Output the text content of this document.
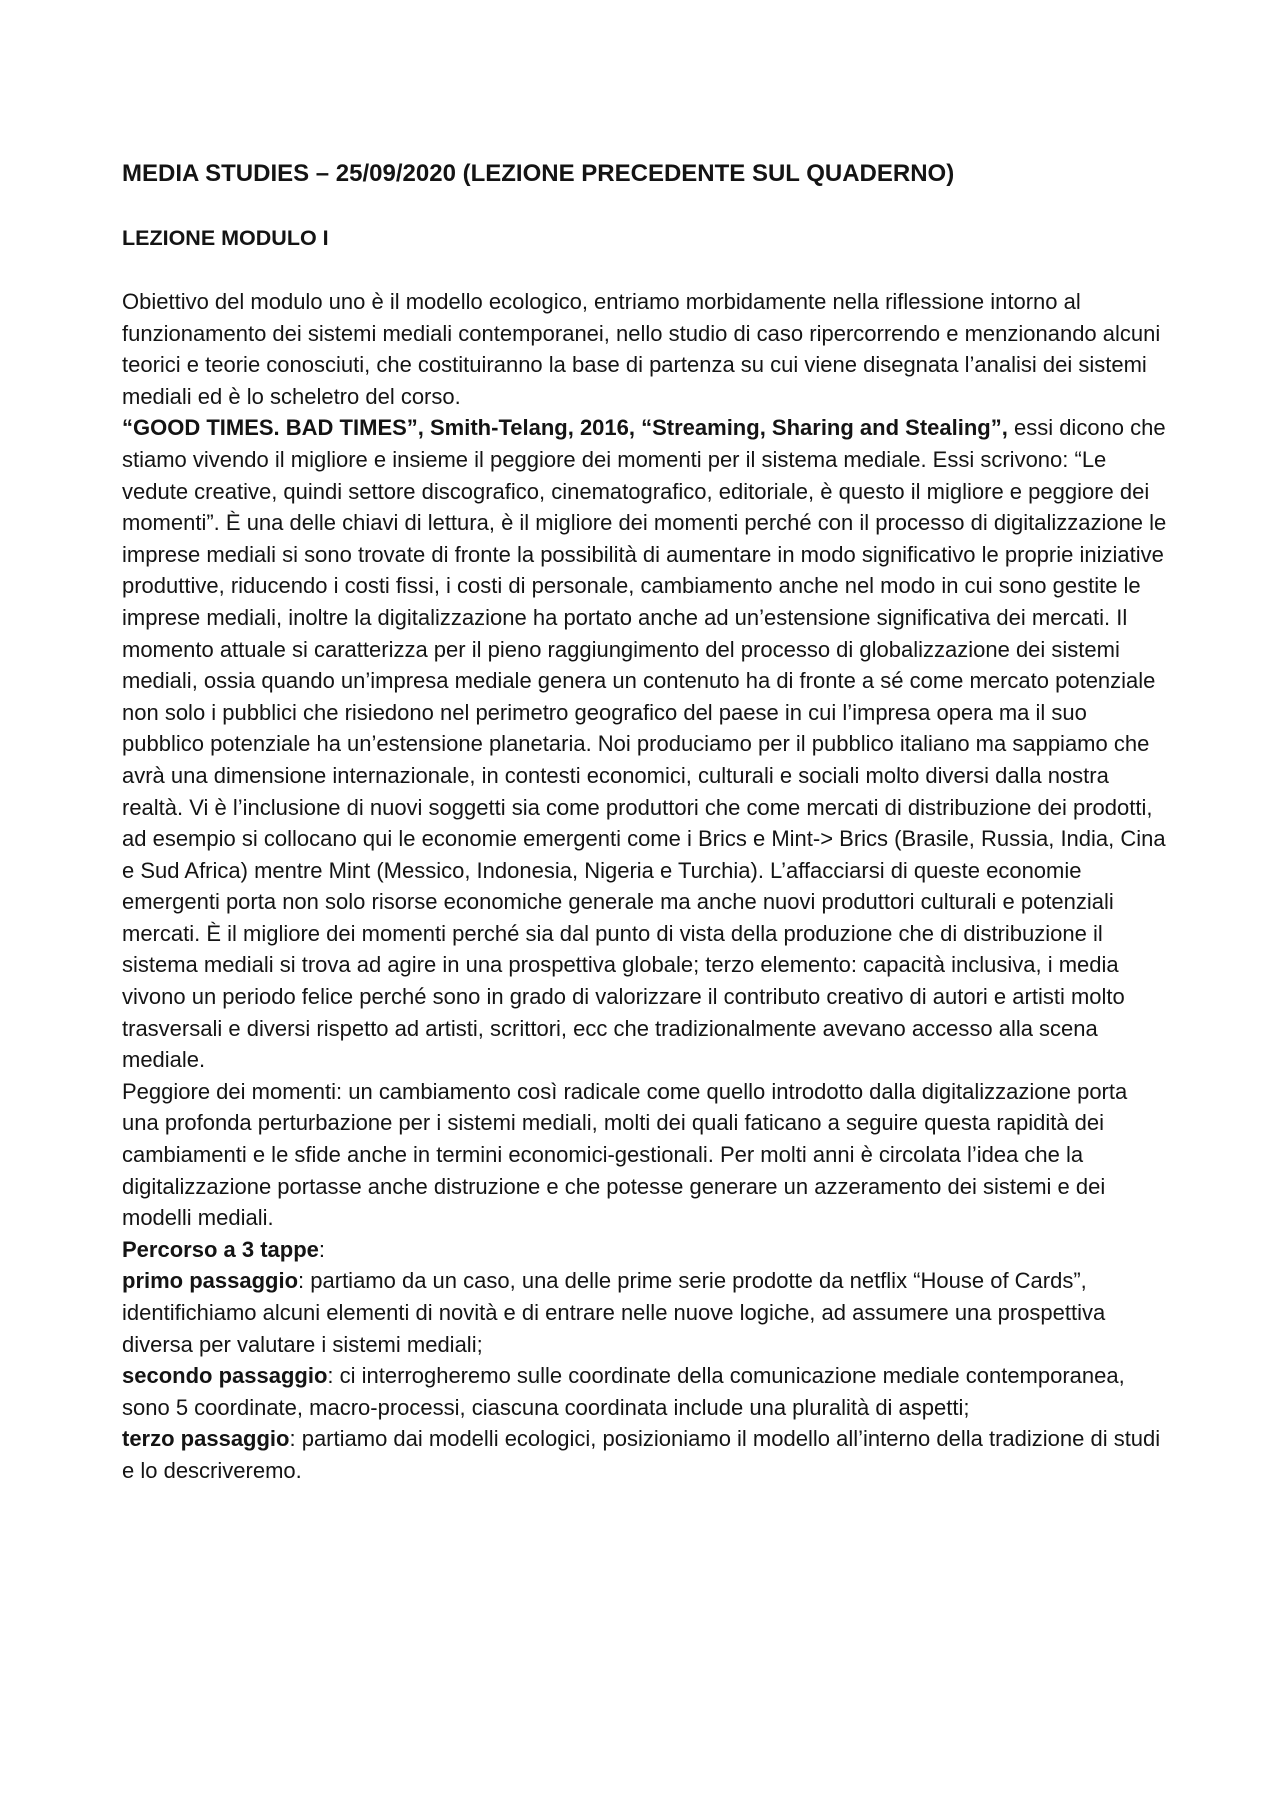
MEDIA STUDIES – 25/09/2020 (LEZIONE PRECEDENTE SUL QUADERNO)
LEZIONE MODULO I

Obiettivo del modulo uno è il modello ecologico, entriamo morbidamente nella riflessione intorno al funzionamento dei sistemi mediali contemporanei, nello studio di caso ripercorrendo e menzionando alcuni teorici e teorie conosciuti, che costituiranno la base di partenza su cui viene disegnata l’analisi dei sistemi mediali ed è lo scheletro del corso.

“GOOD TIMES. BAD TIMES”, Smith-Telang, 2016, “Streaming, Sharing and Stealing”, essi dicono che stiamo vivendo il migliore e insieme il peggiore dei momenti per il sistema mediale. Essi scrivono: “Le vedute creative, quindi settore discografico, cinematografico, editoriale, è questo il migliore e peggiore dei momenti”. È una delle chiavi di lettura, è il migliore dei momenti perché con il processo di digitalizzazione le imprese mediali si sono trovate di fronte la possibilità di aumentare in modo significativo le proprie iniziative produttive, riducendo i costi fissi, i costi di personale, cambiamento anche nel modo in cui sono gestite le imprese mediali, inoltre la digitalizzazione ha portato anche ad un’estensione significativa dei mercati. Il momento attuale si caratterizza per il pieno raggiungimento del processo di globalizzazione dei sistemi mediali, ossia quando un’impresa mediale genera un contenuto ha di fronte a sé come mercato potenziale non solo i pubblici che risiedono nel perimetro geografico del paese in cui l’impresa opera ma il suo pubblico potenziale ha un’estensione planetaria. Noi produciamo per il pubblico italiano ma sappiamo che avrà una dimensione internazionale, in contesti economici, culturali e sociali molto diversi dalla nostra realtà. Vi è l’inclusione di nuovi soggetti sia come produttori che come mercati di distribuzione dei prodotti, ad esempio si collocano qui le economie emergenti come i Brics e Mint-> Brics (Brasile, Russia, India, Cina e Sud Africa) mentre Mint (Messico, Indonesia, Nigeria e Turchia). L’affacciarsi di queste economie emergenti porta non solo risorse economiche generale ma anche nuovi produttori culturali e potenziali mercati. È il migliore dei momenti perché sia dal punto di vista della produzione che di distribuzione il sistema mediali si trova ad agire in una prospettiva globale; terzo elemento: capacità inclusiva, i media vivono un periodo felice perché sono in grado di valorizzare il contributo creativo di autori e artisti molto trasversali e diversi rispetto ad artisti, scrittori, ecc che tradizionalmente avevano accesso alla scena mediale.

Peggiore dei momenti: un cambiamento così radicale come quello introdotto dalla digitalizzazione porta una profonda perturbazione per i sistemi mediali, molti dei quali faticano a seguire questa rapidità dei cambiamenti e le sfide anche in termini economici-gestionali. Per molti anni è circolata l’idea che la digitalizzazione portasse anche distruzione e che potesse generare un azzeramento dei sistemi e dei modelli mediali.

Percorso a 3 tappe:

primo passaggio: partiamo da un caso, una delle prime serie prodotte da netflix “House of Cards”, identifichiamo alcuni elementi di novità e di entrare nelle nuove logiche, ad assumere una prospettiva diversa per valutare i sistemi mediali;

secondo passaggio: ci interrogheremo sulle coordinate della comunicazione mediale contemporanea, sono 5 coordinate, macro-processi, ciascuna coordinata include una pluralità di aspetti;

terzo passaggio: partiamo dai modelli ecologici, posizioniamo il modello all’interno della tradizione di studi e lo descriveremo.
